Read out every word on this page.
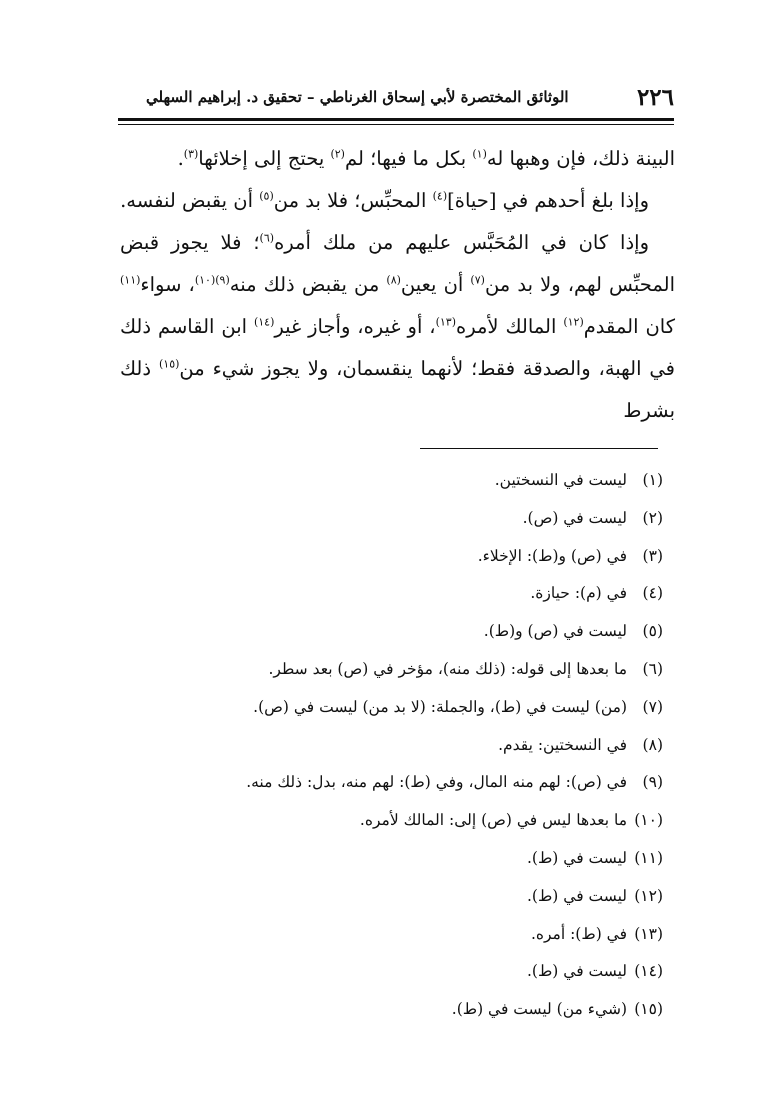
٢٢٦
الوثائق المختصرة لأبي إسحاق الغرناطي – تحقيق د. إبراهيم السهلي

البينة ذلك، فإن وهبها له$^{(١)}$ بكل ما فيها؛ لم$^{(٢)}$ يحتج إلى إخلائها$^{(٣)}$.

وإذا بلغ أحدهم في [حياة]$^{(٤)}$ المحبِّس؛ فلا بد من$^{(٥)}$ أن يقبض لنفسه.

وإذا كان في المُحَبَّس عليهم من ملك أمره$^{(٦)}$؛ فلا يجوز قبض المحبِّس لهم، ولا بد من$^{(٧)}$ أن يعين$^{(٨)}$ من يقبض ذلك منه$^{(٩)(١٠)}$، سواء$^{(١١)}$ كان المقدم$^{(١٢)}$ المالك لأمره$^{(١٣)}$، أو غيره، وأجاز غير$^{(١٤)}$ ابن القاسم ذلك في الهبة، والصدقة فقط؛ لأنهما ينقسمان، ولا يجوز شيء من$^{(١٥)}$ ذلك بشرط

(١)ليست في النسختين.
(٢)ليست في (ص).
(٣)في (ص) و(ط): الإخلاء.
(٤)في (م): حيازة.
(٥)ليست في (ص) و(ط).
(٦)ما بعدها إلى قوله: (ذلك منه)، مؤخر في (ص) بعد سطر.
(٧)(من) ليست في (ط)، والجملة: (لا بد من) ليست في (ص).
(٨)في النسختين: يقدم.
(٩)في (ص): لهم منه المال، وفي (ط): لهم منه، بدل: ذلك منه.
(١٠)ما بعدها ليس في (ص) إلى: المالك لأمره.
(١١)ليست في (ط).
(١٢)ليست في (ط).
(١٣)في (ط): أمره.
(١٤)ليست في (ط).
(١٥)(شيء من) ليست في (ط).
